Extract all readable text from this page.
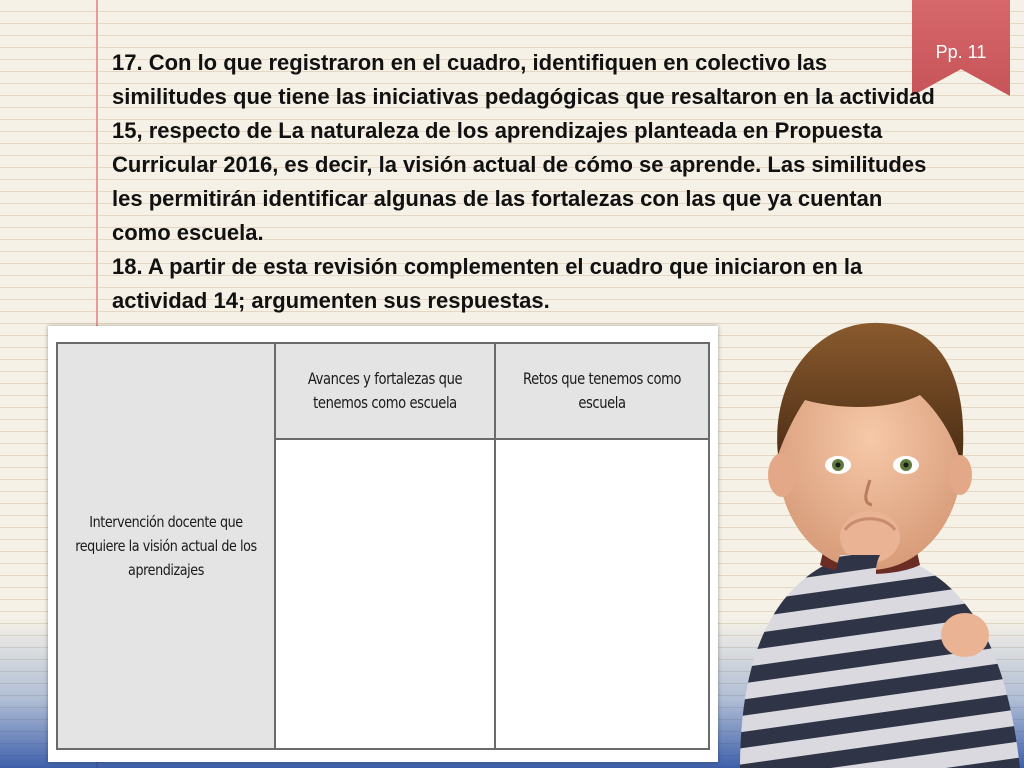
Pp. 11

17. Con lo que registraron en el cuadro, identifiquen en colectivo las similitudes que tiene las iniciativas pedagógicas que resaltaron en la actividad 15, respecto de La naturaleza de los aprendizajes planteada en Propuesta Curricular 2016, es decir, la visión actual de cómo se aprende. Las similitudes les permitirán identificar algunas de las fortalezas con las que ya cuentan como escuela.

18. A partir de esta revisión complementen el cuadro que iniciaron en la actividad 14; argumenten sus respuestas.

Intervención docente que requiere la visión actual de los aprendizajes
Avances y fortalezas que tenemos como escuela
Retos que tenemos como escuela
